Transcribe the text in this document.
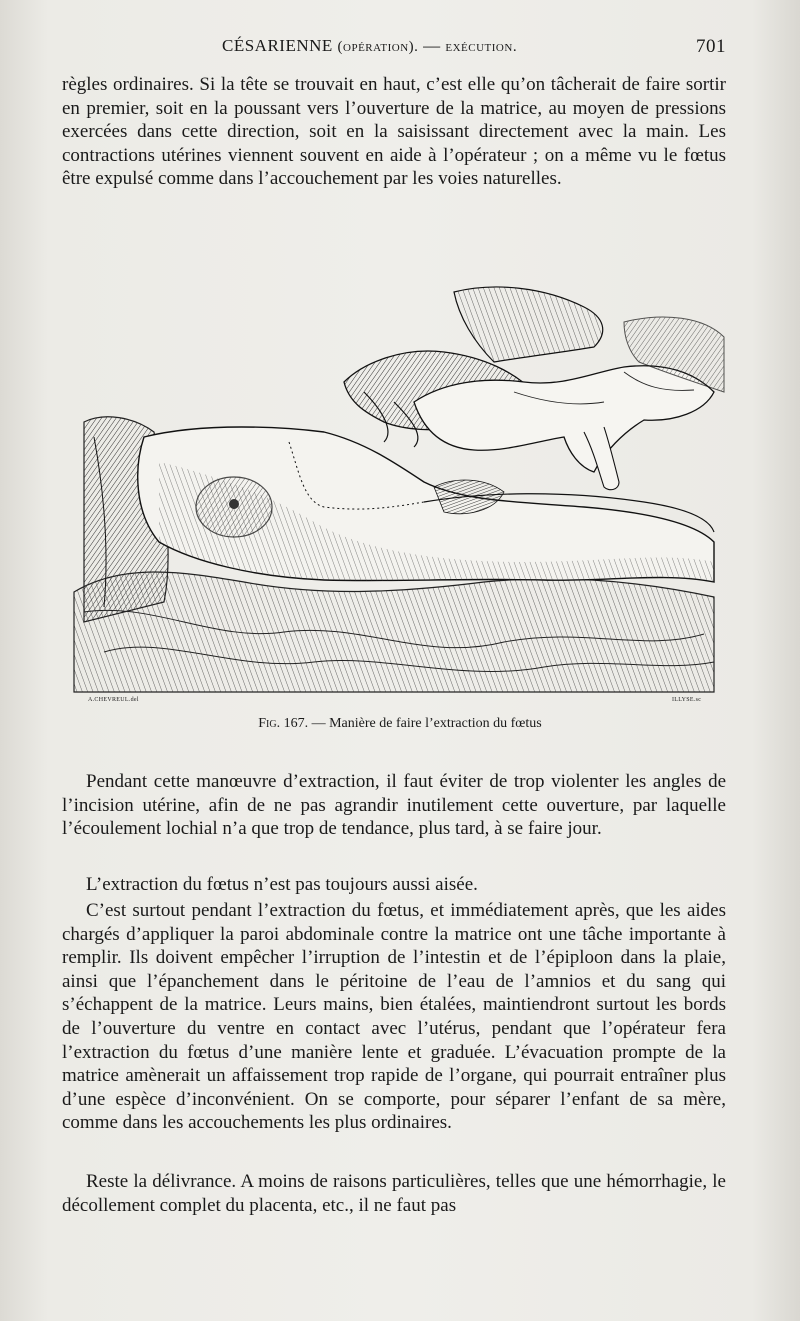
CÉSARIENNE (opération). — exécution.	701
règles ordinaires. Si la tête se trouvait en haut, c’est elle qu’on tâcherait de faire sortir en premier, soit en la poussant vers l’ouverture de la matrice, au moyen de pressions exercées dans cette direction, soit en la saisissant directement avec la main. Les contractions utérines viennent souvent en aide à l’opérateur ; on a même vu le fœtus être expulsé comme dans l’accouchement par les voies naturelles.
A.CHEVREUL.del	ILLYSE.sc
Fig. 167. — Manière de faire l’extraction du fœtus
Pendant cette manœuvre d’extraction, il faut éviter de trop violenter les angles de l’incision utérine, afin de ne pas agrandir inutilement cette ouverture, par laquelle l’écoulement lochial n’a que trop de tendance, plus tard, à se faire jour.
L’extraction du fœtus n’est pas toujours aussi aisée.
C’est surtout pendant l’extraction du fœtus, et immédiatement après, que les aides chargés d’appliquer la paroi abdominale contre la matrice ont une tâche importante à remplir. Ils doivent empêcher l’irruption de l’intestin et de l’épiploon dans la plaie, ainsi que l’épanchement dans le péritoine de l’eau de l’amnios et du sang qui s’échappent de la matrice. Leurs mains, bien étalées, maintiendront surtout les bords de l’ouverture du ventre en contact avec l’utérus, pendant que l’opérateur fera l’extraction du fœtus d’une manière lente et graduée. L’évacuation prompte de la matrice amènerait un affaissement trop rapide de l’organe, qui pourrait entraîner plus d’une espèce d’inconvénient. On se comporte, pour séparer l’enfant de sa mère, comme dans les accouchements les plus ordinaires.
Reste la délivrance. A moins de raisons particulières, telles que une hémorrhagie, le décollement complet du placenta, etc., il ne faut pas
